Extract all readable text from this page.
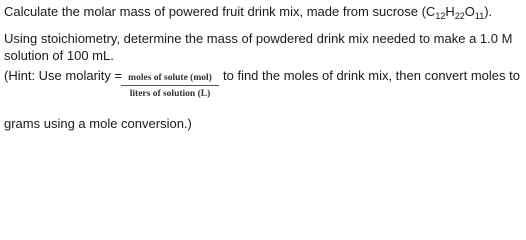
Calculate the molar mass of powered fruit drink mix, made from sucrose $(C_{12}H_{22}O_{11})$.
Using stoichiometry, determine the mass of powdered drink mix needed to make a 1.0 M
solution of 100 mL.
(Hint: Use molarity = moles of solute (mol)
liters of solution (L)
to find the moles of drink mix, then convert moles to
grams using a mole conversion.)
